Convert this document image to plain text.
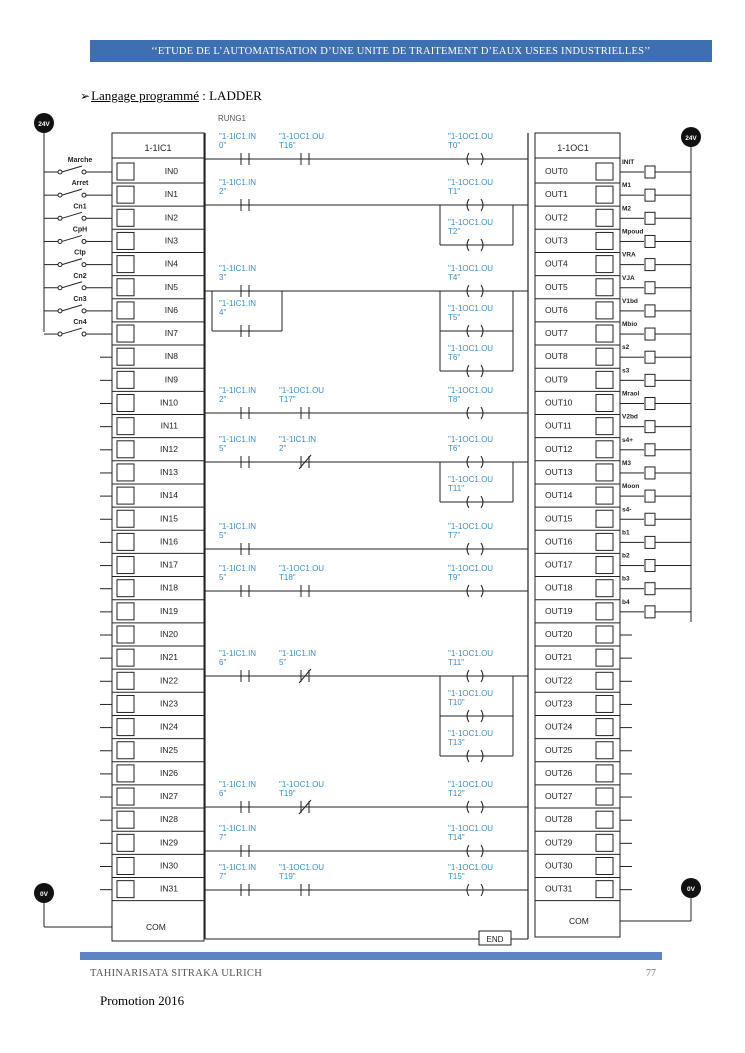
‘‘ETUDE DE L’AUTOMATISATION D’UNE UNITE DE TRAITEMENT D’EAUX USEES INDUSTRIELLES’’
➢Langage programmé : LADDER
1-1IC1
IN0
IN1
IN2
IN3
IN4
IN5
IN6
IN7
IN8
IN9
IN10
IN11
IN12
IN13
IN14
IN15
IN16
IN17
IN18
IN19
IN20
IN21
IN22
IN23
IN24
IN25
IN26
IN27
IN28
IN29
IN30
IN31
COM
24V
0V
Marche
Arret
Cn1
CpH
Ctp
Cn2
Cn3
Cn4
1-1OC1
OUT0
OUT1
OUT2
OUT3
OUT4
OUT5
OUT6
OUT7
OUT8
OUT9
OUT10
OUT11
OUT12
OUT13
OUT14
OUT15
OUT16
OUT17
OUT18
OUT19
OUT20
OUT21
OUT22
OUT23
OUT24
OUT25
OUT26
OUT27
OUT28
OUT29
OUT30
OUT31
COM
24V
0V
INIT
M1
M2
Mpoud
VRA
VJA
V1bd
Mbio
s2
s3
Mraol
V2bd
s4+
M3
Moon
s4-
b1
b2
b3
b4
RUNG1
END
"1-1IC1.IN
0"
"1-1OC1.OU
T16"
"1-1OC1.OU
T0"
"1-1IC1.IN
2"
"1-1OC1.OU
T1"
"1-1OC1.OU
T2"
"1-1IC1.IN
3"
"1-1IC1.IN
4"
"1-1OC1.OU
T4"
"1-1OC1.OU
T5"
"1-1OC1.OU
T6"
"1-1IC1.IN
2"
"1-1OC1.OU
T17"
"1-1OC1.OU
T8"
"1-1IC1.IN
5"
"1-1IC1.IN
2"
"1-1OC1.OU
T6"
"1-1OC1.OU
T11"
"1-1IC1.IN
5"
"1-1OC1.OU
T7"
"1-1IC1.IN
5"
"1-1OC1.OU
T18"
"1-1OC1.OU
T9"
"1-1IC1.IN
6"
"1-1IC1.IN
5"
"1-1OC1.OU
T11"
"1-1OC1.OU
T10"
"1-1OC1.OU
T13"
"1-1IC1.IN
6"
"1-1OC1.OU
T19"
"1-1OC1.OU
T12"
"1-1IC1.IN
7"
"1-1OC1.OU
T14"
"1-1IC1.IN
7"
"1-1OC1.OU
T19"
"1-1OC1.OU
T15"
TAHINARISATA SITRAKA ULRICH	77
Promotion 2016
